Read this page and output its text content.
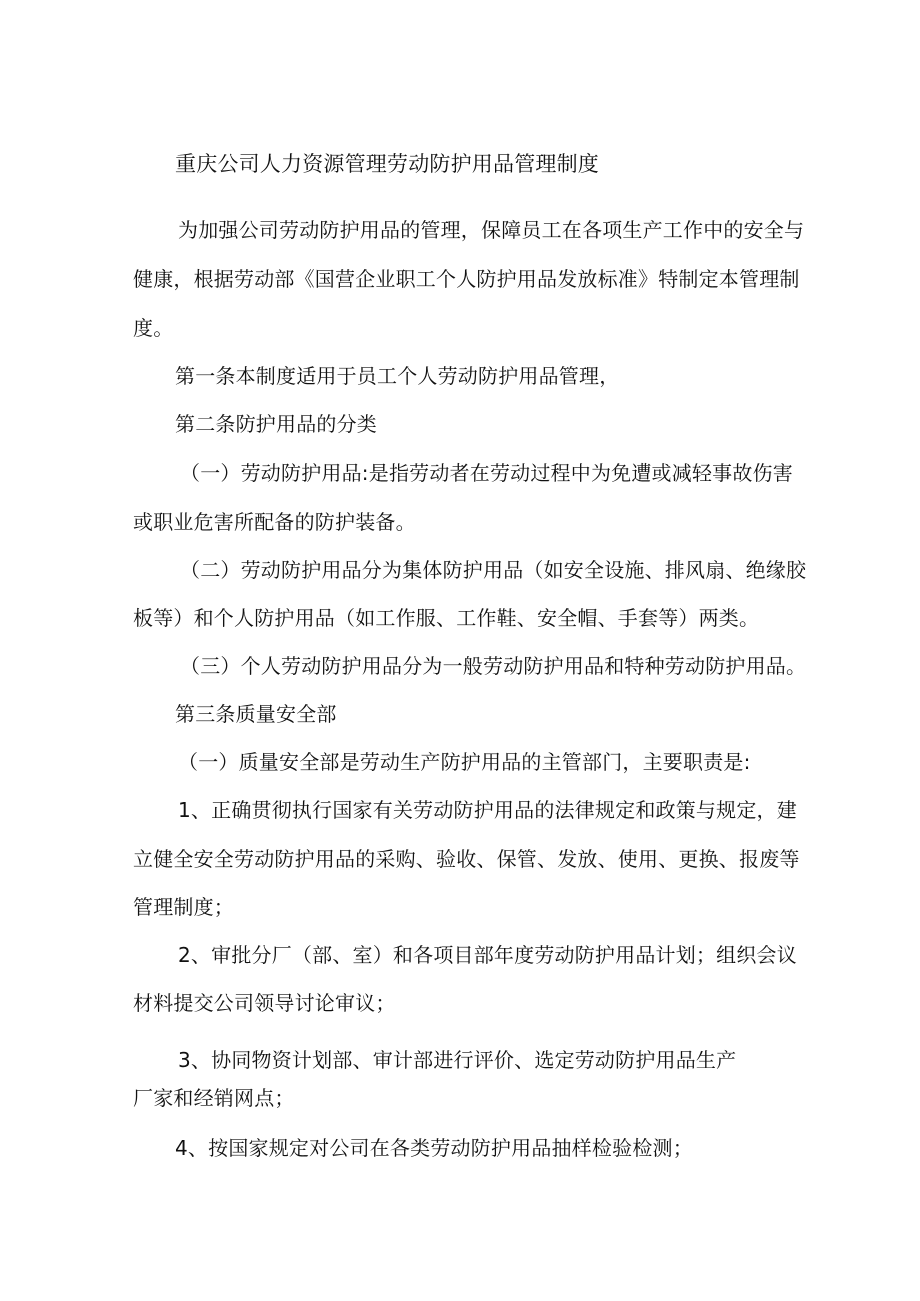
重庆公司人力资源管理劳动防护用品管理制度
为加强公司劳动防护用品的管理，保障员工在各项生产工作中的安全与
健康，根据劳动部《国营企业职工个人防护用品发放标准》特制定本管理制
度。
第一条本制度适用于员工个人劳动防护用品管理，
第二条防护用品的分类
（一）劳动防护用品:是指劳动者在劳动过程中为免遭或减轻事故伤害
或职业危害所配备的防护装备。
（二）劳动防护用品分为集体防护用品（如安全设施、排风扇、绝缘胶
板等）和个人防护用品（如工作服、工作鞋、安全帽、手套等）两类。
（三）个人劳动防护用品分为一般劳动防护用品和特种劳动防护用品。
第三条质量安全部
（一）质量安全部是劳动生产防护用品的主管部门，主要职责是:
1、正确贯彻执行国家有关劳动防护用品的法律规定和政策与规定，建
立健全安全劳动防护用品的采购、验收、保管、发放、使用、更换、报废等
管理制度；
2、审批分厂（部、室）和各项目部年度劳动防护用品计划；组织会议
材料提交公司领导讨论审议；
3、协同物资计划部、审计部进行评价、选定劳动防护用品生产
厂家和经销网点；
4、按国家规定对公司在各类劳动防护用品抽样检验检测；
